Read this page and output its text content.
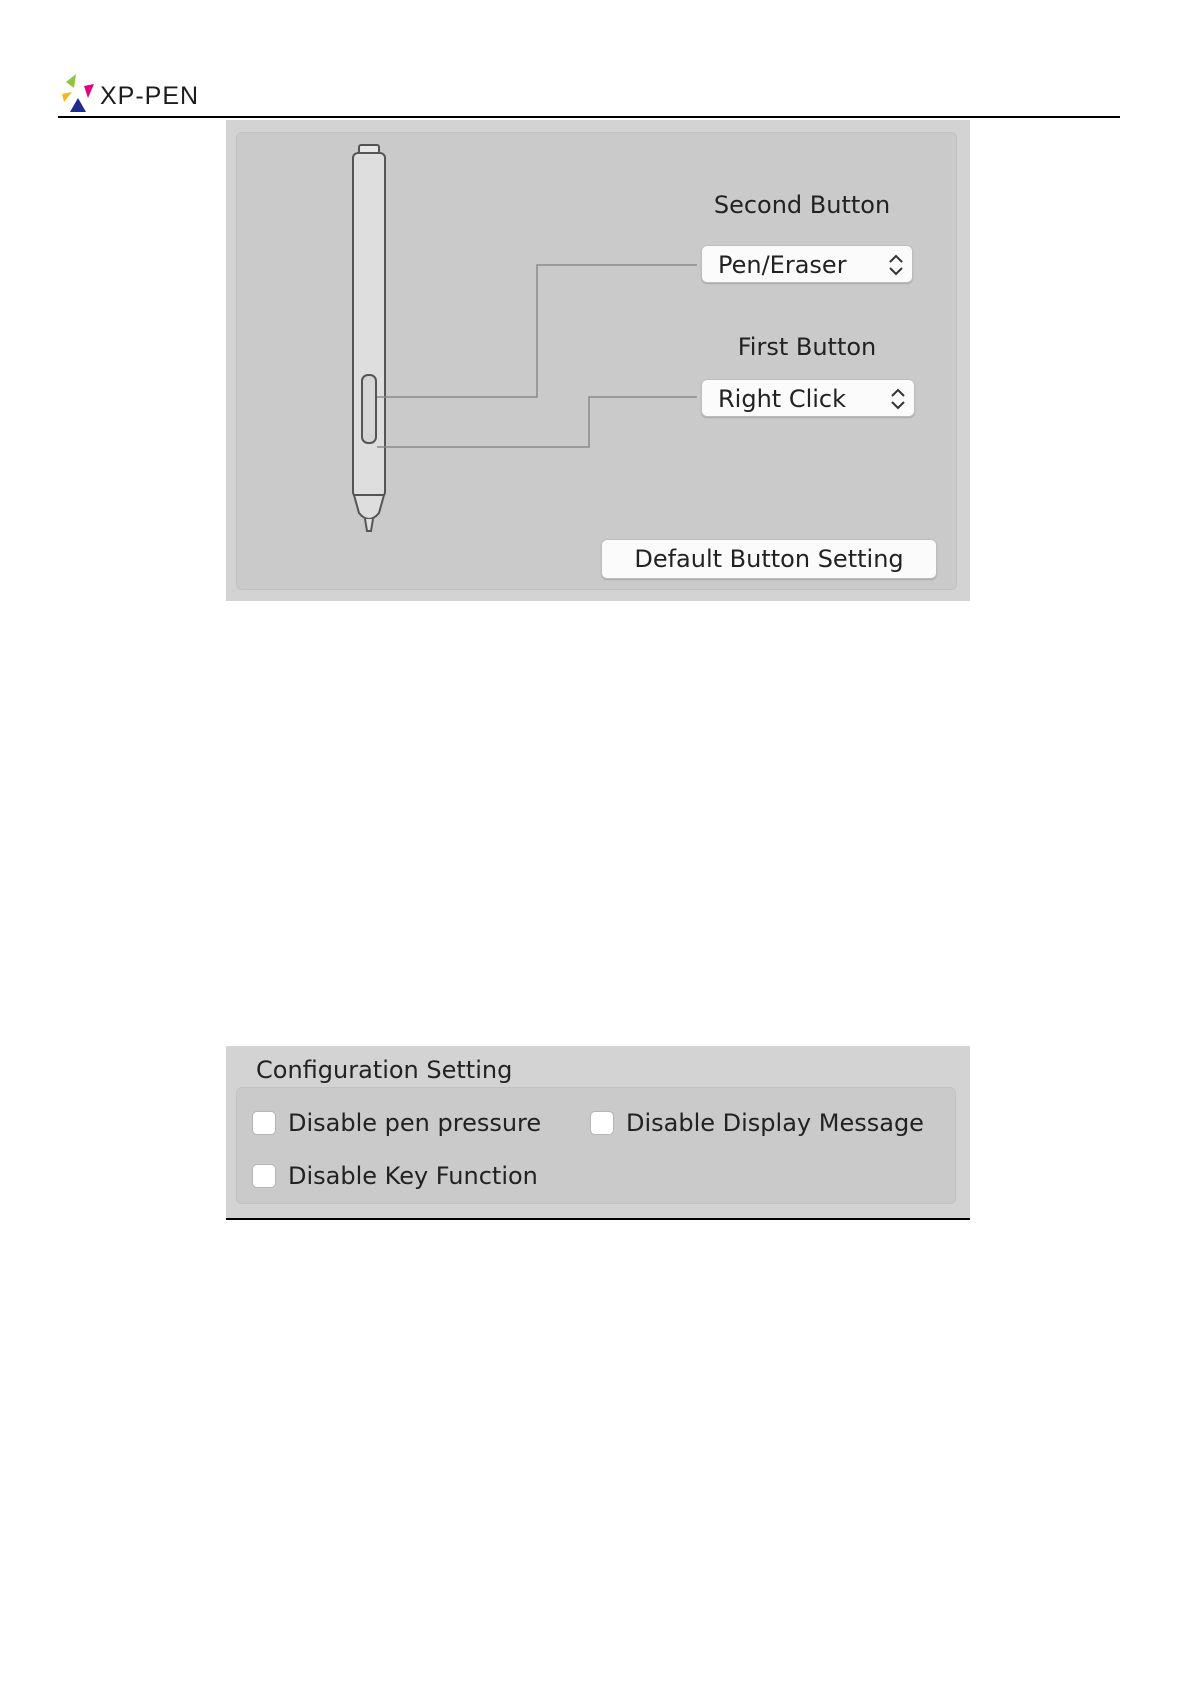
XP-PEN
Second Button
Pen/Eraser
First Button
Right Click
Default Button Setting
Configuration Setting
Disable pen pressure	Disable Display Message
Disable Key Function
